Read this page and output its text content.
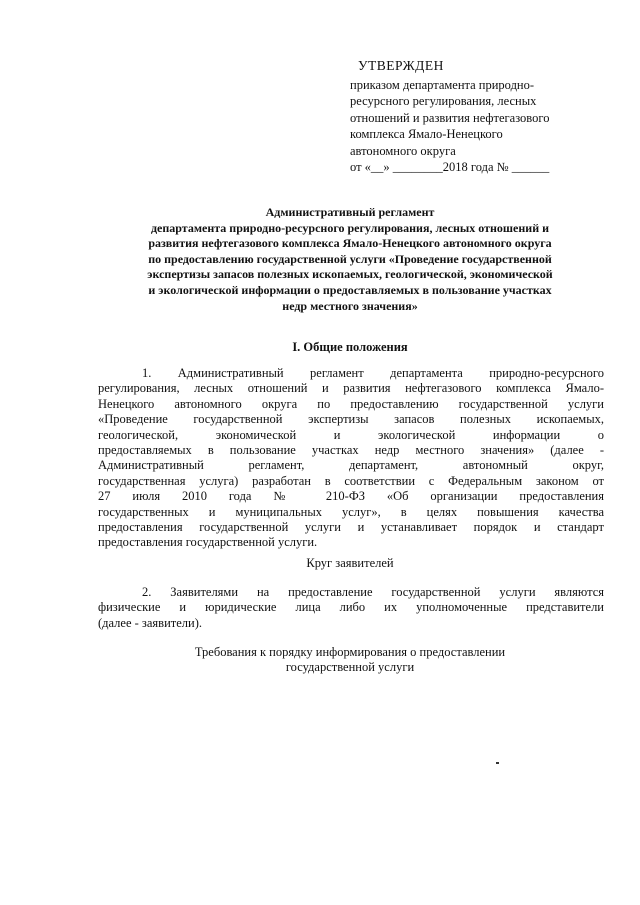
УТВЕРЖДЕН
приказом департамента природно-
ресурсного регулирования, лесных
отношений и развития нефтегазового
комплекса Ямало-Ненецкого
автономного округа
от «__» ________2018 года № ______
Административный регламент
департамента природно-ресурсного регулирования, лесных отношений и
развития нефтегазового комплекса Ямало-Ненецкого автономного округа
по предоставлению государственной услуги «Проведение государственной
экспертизы запасов полезных ископаемых, геологической, экономической
и экологической информации о предоставляемых в пользование участках
недр местного значения»
I. Общие положения
1. Административный регламент департамента природно-ресурсного
регулирования, лесных отношений и развития нефтегазового комплекса Ямало-
Ненецкого автономного округа по предоставлению государственной услуги
«Проведение государственной экспертизы запасов полезных ископаемых,
геологической, экономической и экологической информации о
предоставляемых в пользование участках недр местного значения» (далее -
Административный регламент, департамент, автономный округ,
государственная услуга) разработан в соответствии с Федеральным законом от
27 июля 2010 года № 210-ФЗ «Об организации предоставления
государственных и муниципальных услуг», в целях повышения качества
предоставления государственной услуги и устанавливает порядок и стандарт
предоставления государственной услуги.
Круг заявителей
2. Заявителями на предоставление государственной услуги являются
физические и юридические лица либо их уполномоченные представители
(далее - заявители).
Требования к порядку информирования о предоставлении
государственной услуги
